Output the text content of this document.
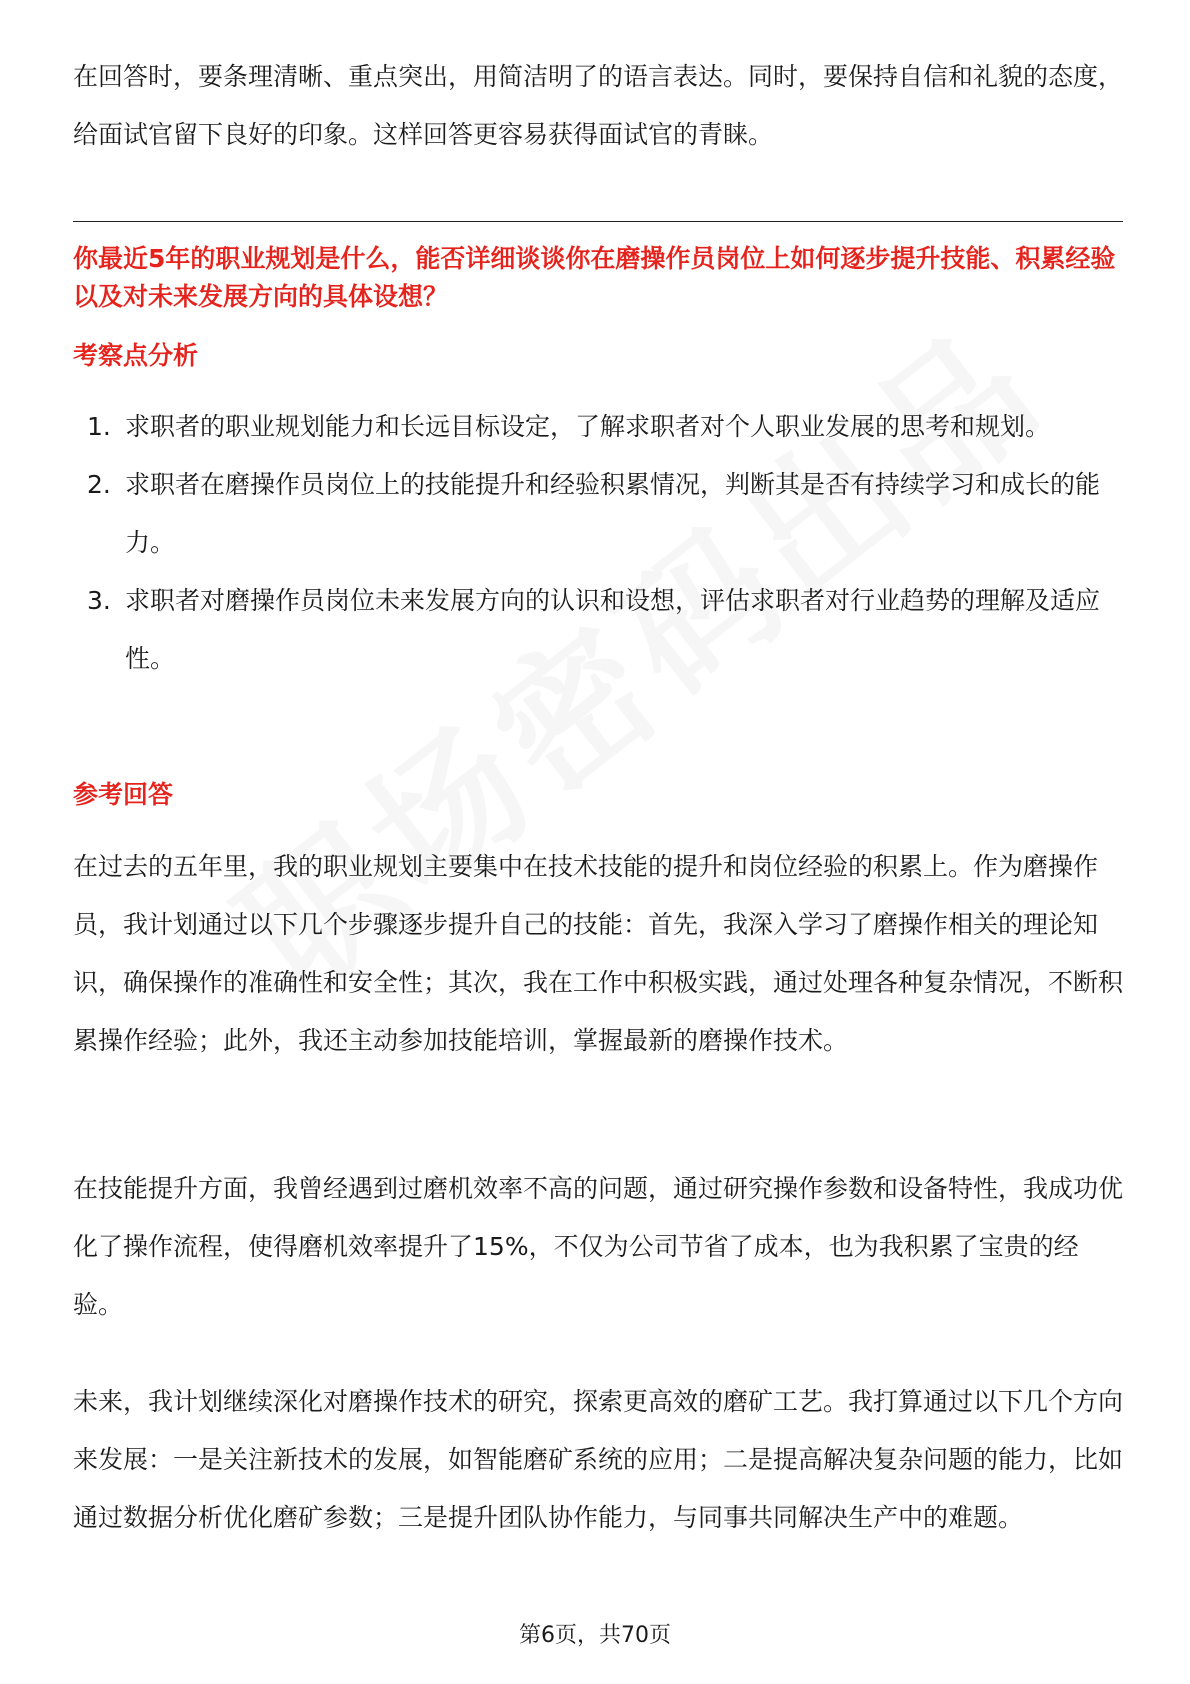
在回答时，要条理清晰、重点突出，用简洁明了的语言表达。同时，要保持自信和礼貌的态度，给面试官留下良好的印象。这样回答更容易获得面试官的青睐。

你最近5年的职业规划是什么，能否详细谈谈你在磨操作员岗位上如何逐步提升技能、积累经验以及对未来发展方向的具体设想？

考察点分析

1. 求职者的职业规划能力和长远目标设定，了解求职者对个人职业发展的思考和规划。
2. 求职者在磨操作员岗位上的技能提升和经验积累情况，判断其是否有持续学习和成长的能力。
3. 求职者对磨操作员岗位未来发展方向的认识和设想，评估求职者对行业趋势的理解及适应性。

参考回答

在过去的五年里，我的职业规划主要集中在技术技能的提升和岗位经验的积累上。作为磨操作员，我计划通过以下几个步骤逐步提升自己的技能：首先，我深入学习了磨操作相关的理论知识，确保操作的准确性和安全性；其次，我在工作中积极实践，通过处理各种复杂情况，不断积累操作经验；此外，我还主动参加技能培训，掌握最新的磨操作技术。

在技能提升方面，我曾经遇到过磨机效率不高的问题，通过研究操作参数和设备特性，我成功优化了操作流程，使得磨机效率提升了15%，不仅为公司节省了成本，也为我积累了宝贵的经验。

未来，我计划继续深化对磨操作技术的研究，探索更高效的磨矿工艺。我打算通过以下几个方向来发展：一是关注新技术的发展，如智能磨矿系统的应用；二是提高解决复杂问题的能力，比如通过数据分析优化磨矿参数；三是提升团队协作能力，与同事共同解决生产中的难题。

第6页，共70页
